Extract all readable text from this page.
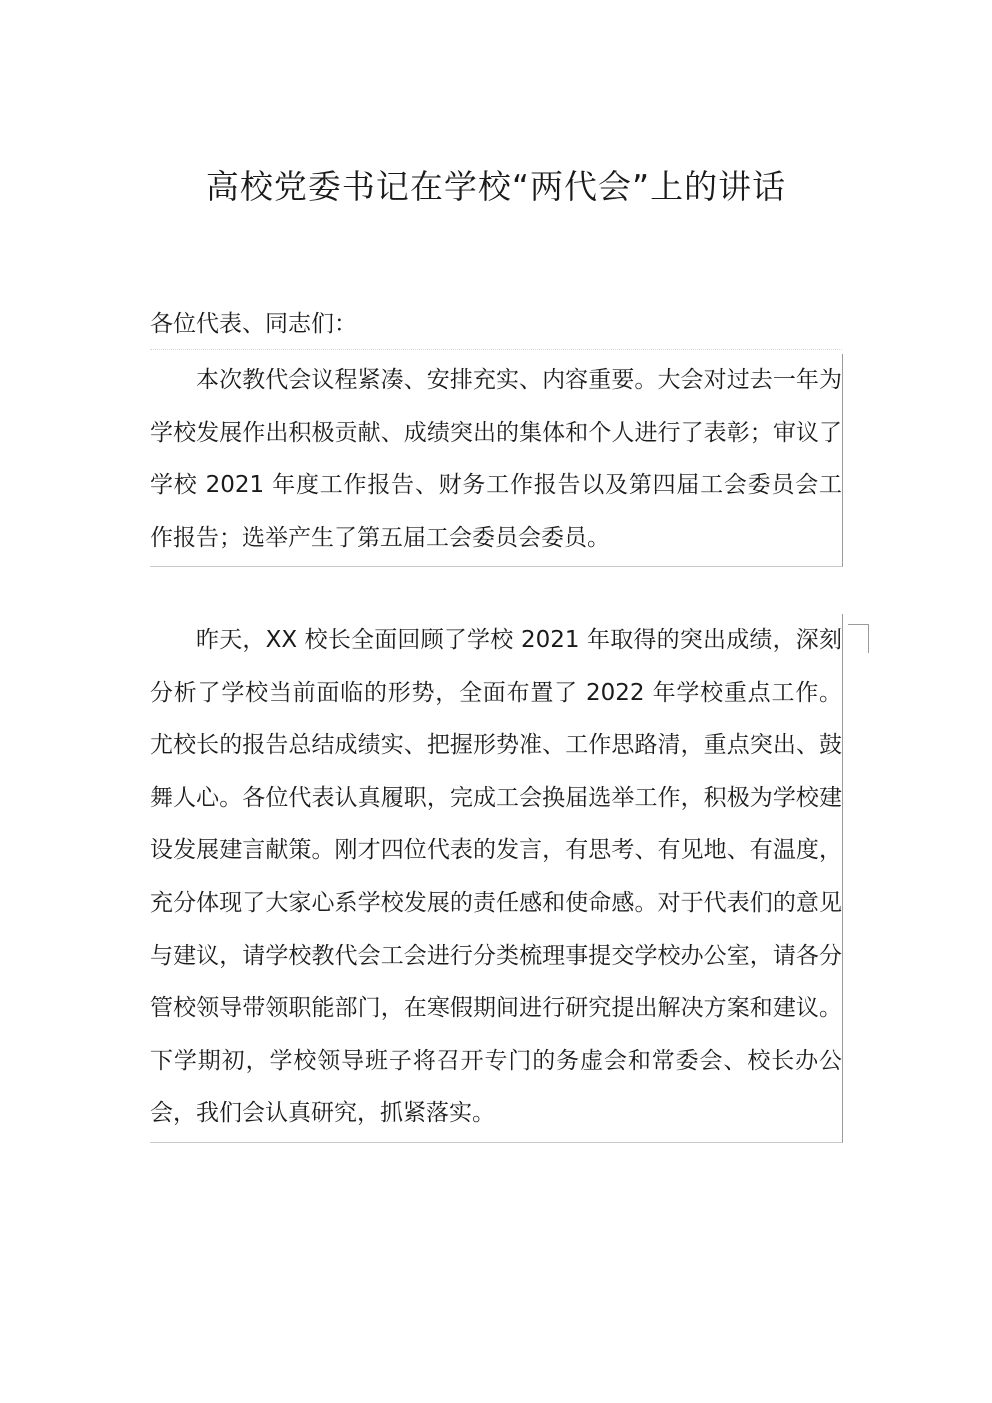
高校党委书记在学校“两代会”上的讲话

各位代表、同志们：

本次教代会议程紧凑、安排充实、内容重要。大会对过去一年为学校发展作出积极贡献、成绩突出的集体和个人进行了表彰；审议了学校 2021 年度工作报告、财务工作报告以及第四届工会委员会工作报告；选举产生了第五届工会委员会委员。

昨天，XX 校长全面回顾了学校 2021 年取得的突出成绩，深刻分析了学校当前面临的形势，全面布置了 2022 年学校重点工作。尤校长的报告总结成绩实、把握形势准、工作思路清，重点突出、鼓舞人心。各位代表认真履职，完成工会换届选举工作，积极为学校建设发展建言献策。刚才四位代表的发言，有思考、有见地、有温度，充分体现了大家心系学校发展的责任感和使命感。对于代表们的意见与建议，请学校教代会工会进行分类梳理事提交学校办公室，请各分管校领导带领职能部门，在寒假期间进行研究提出解决方案和建议。下学期初，学校领导班子将召开专门的务虚会和常委会、校长办公会，我们会认真研究，抓紧落实。
